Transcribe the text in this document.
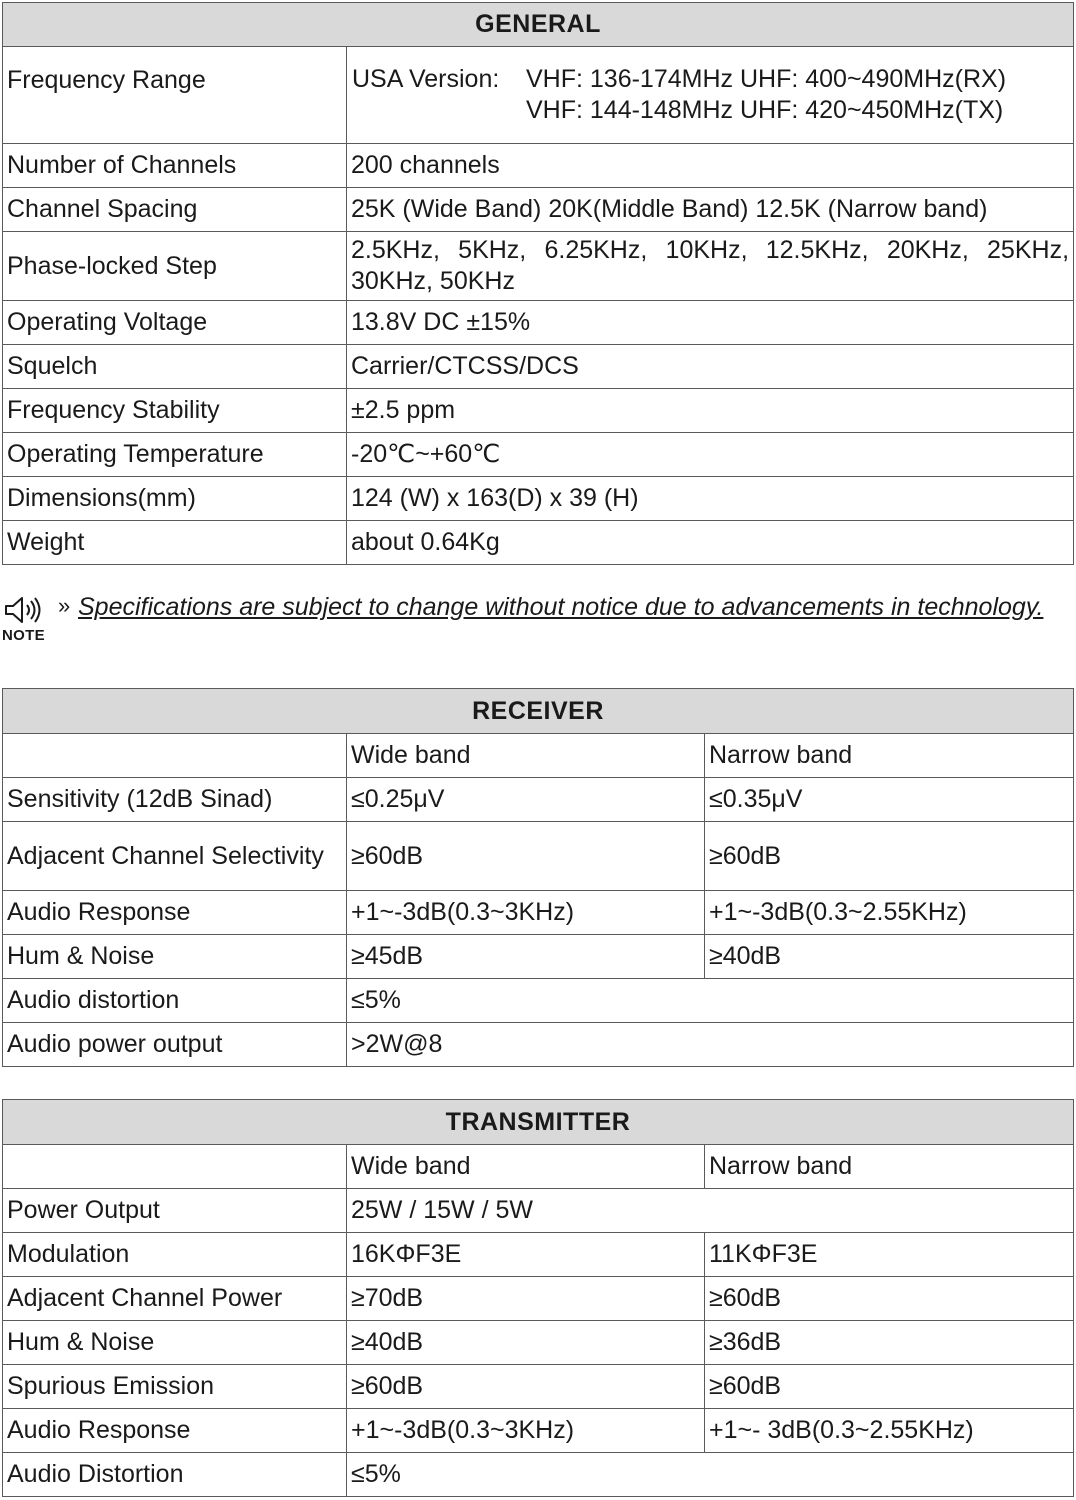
GENERAL	
Frequency Range	USA Version: VHF: 136-174MHz UHF: 400~490MHz(RX)
VHF: 144-148MHz UHF: 420~450MHz(TX)

Number of Channels	200 channels
Channel Spacing	25K (Wide Band) 20K(Middle Band) 12.5K (Narrow band)
Phase-locked Step	2.5KHz, 5KHz, 6.25KHz, 10KHz, 12.5KHz, 20KHz, 25KHz, 30KHz, 50KHz
Operating Voltage	13.8V DC ±15%
Squelch	Carrier/CTCSS/DCS
Frequency Stability	±2.5 ppm
Operating Temperature	-20℃~+60℃
Dimensions(mm)	124 (W) x 163(D) x 39 (H)
Weight	about 0.64Kg
NOTE
» Specifications are subject to change without notice due to advancements in technology.
RECEIVER		
	Wide band	Narrow band
Sensitivity (12dB Sinad)	≤0.25μV	≤0.35μV
Adjacent Channel Selectivity	≥60dB	≥60dB
Audio Response	+1~-3dB(0.3~3KHz)	+1~-3dB(0.3~2.55KHz)
Hum & Noise	≥45dB	≥40dB
Audio distortion	≤5%	
Audio power output	>2W@8	
TRANSMITTER		
	Wide band	Narrow band
Power Output	25W / 15W / 5W	
Modulation	16KΦF3E	11KΦF3E
Adjacent Channel Power	≥70dB	≥60dB
Hum & Noise	≥40dB	≥36dB
Spurious Emission	≥60dB	≥60dB
Audio Response	+1~-3dB(0.3~3KHz)	+1~- 3dB(0.3~2.55KHz)
Audio Distortion	≤5%	
